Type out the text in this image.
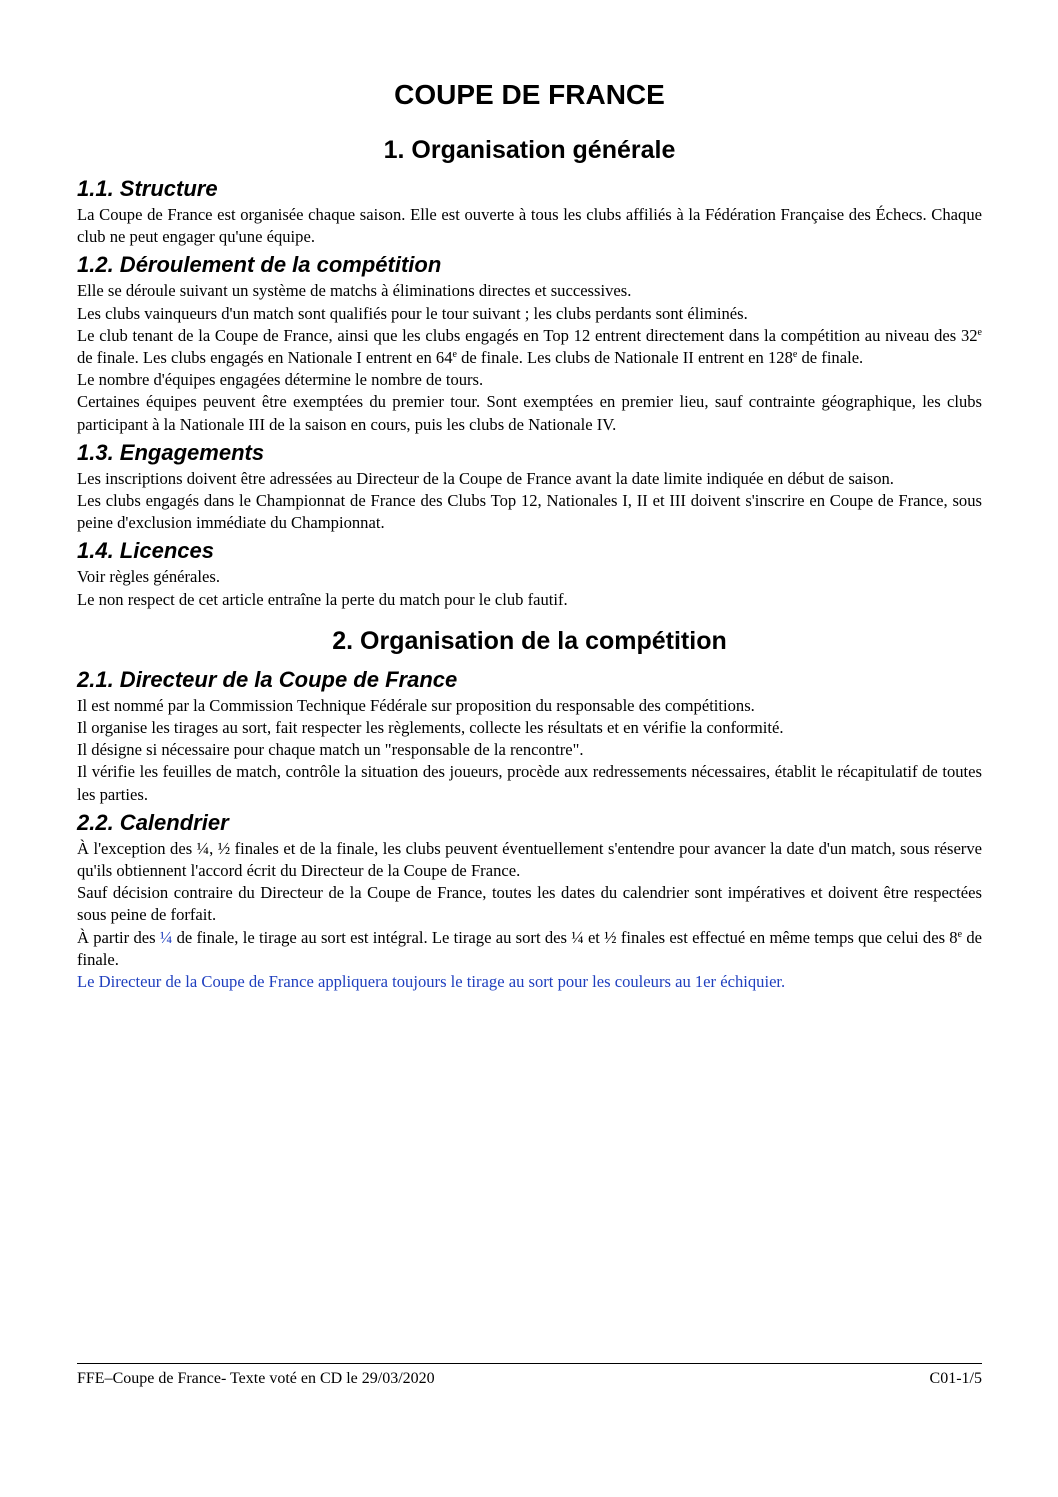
COUPE DE FRANCE
1. Organisation générale
1.1. Structure

La Coupe de France est organisée chaque saison. Elle est ouverte à tous les clubs affiliés à la Fédération Française des Échecs. Chaque club ne peut engager qu'une équipe.

1.2. Déroulement de la compétition

Elle se déroule suivant un système de matchs à éliminations directes et successives.

Les clubs vainqueurs d'un match sont qualifiés pour le tour suivant ; les clubs perdants sont éliminés.

Le club tenant de la Coupe de France, ainsi que les clubs engagés en Top 12 entrent directement dans la compétition au niveau des 32e de finale. Les clubs engagés en Nationale I entrent en 64e de finale. Les clubs de Nationale II entrent en 128e de finale.

Le nombre d'équipes engagées détermine le nombre de tours.

Certaines équipes peuvent être exemptées du premier tour. Sont exemptées en premier lieu, sauf contrainte géographique, les clubs participant à la Nationale III de la saison en cours, puis les clubs de Nationale IV.

1.3. Engagements

Les inscriptions doivent être adressées au Directeur de la Coupe de France avant la date limite indiquée en début de saison.

Les clubs engagés dans le Championnat de France des Clubs Top 12, Nationales I, II et III doivent s'inscrire en Coupe de France, sous peine d'exclusion immédiate du Championnat.

1.4. Licences

Voir règles générales.

Le non respect de cet article entraîne la perte du match pour le club fautif.

2. Organisation de la compétition
2.1. Directeur de la Coupe de France

Il est nommé par la Commission Technique Fédérale sur proposition du responsable des compétitions.

Il organise les tirages au sort, fait respecter les règlements, collecte les résultats et en vérifie la conformité.

Il désigne si nécessaire pour chaque match un "responsable de la rencontre".

Il vérifie les feuilles de match, contrôle la situation des joueurs, procède aux redressements nécessaires, établit le récapitulatif de toutes les parties.

2.2. Calendrier

À l'exception des ¼, ½ finales et de la finale, les clubs peuvent éventuellement s'entendre pour avancer la date d'un match, sous réserve qu'ils obtiennent l'accord écrit du Directeur de la Coupe de France.

Sauf décision contraire du Directeur de la Coupe de France, toutes les dates du calendrier sont impératives et doivent être respectées sous peine de forfait.

À partir des ¼ de finale, le tirage au sort est intégral. Le tirage au sort des ¼ et ½ finales est effectué en même temps que celui des 8e de finale.

Le Directeur de la Coupe de France appliquera toujours le tirage au sort pour les couleurs au 1er échiquier.

FFE–Coupe de France- Texte voté en CD le 29/03/2020	C01-1/5
